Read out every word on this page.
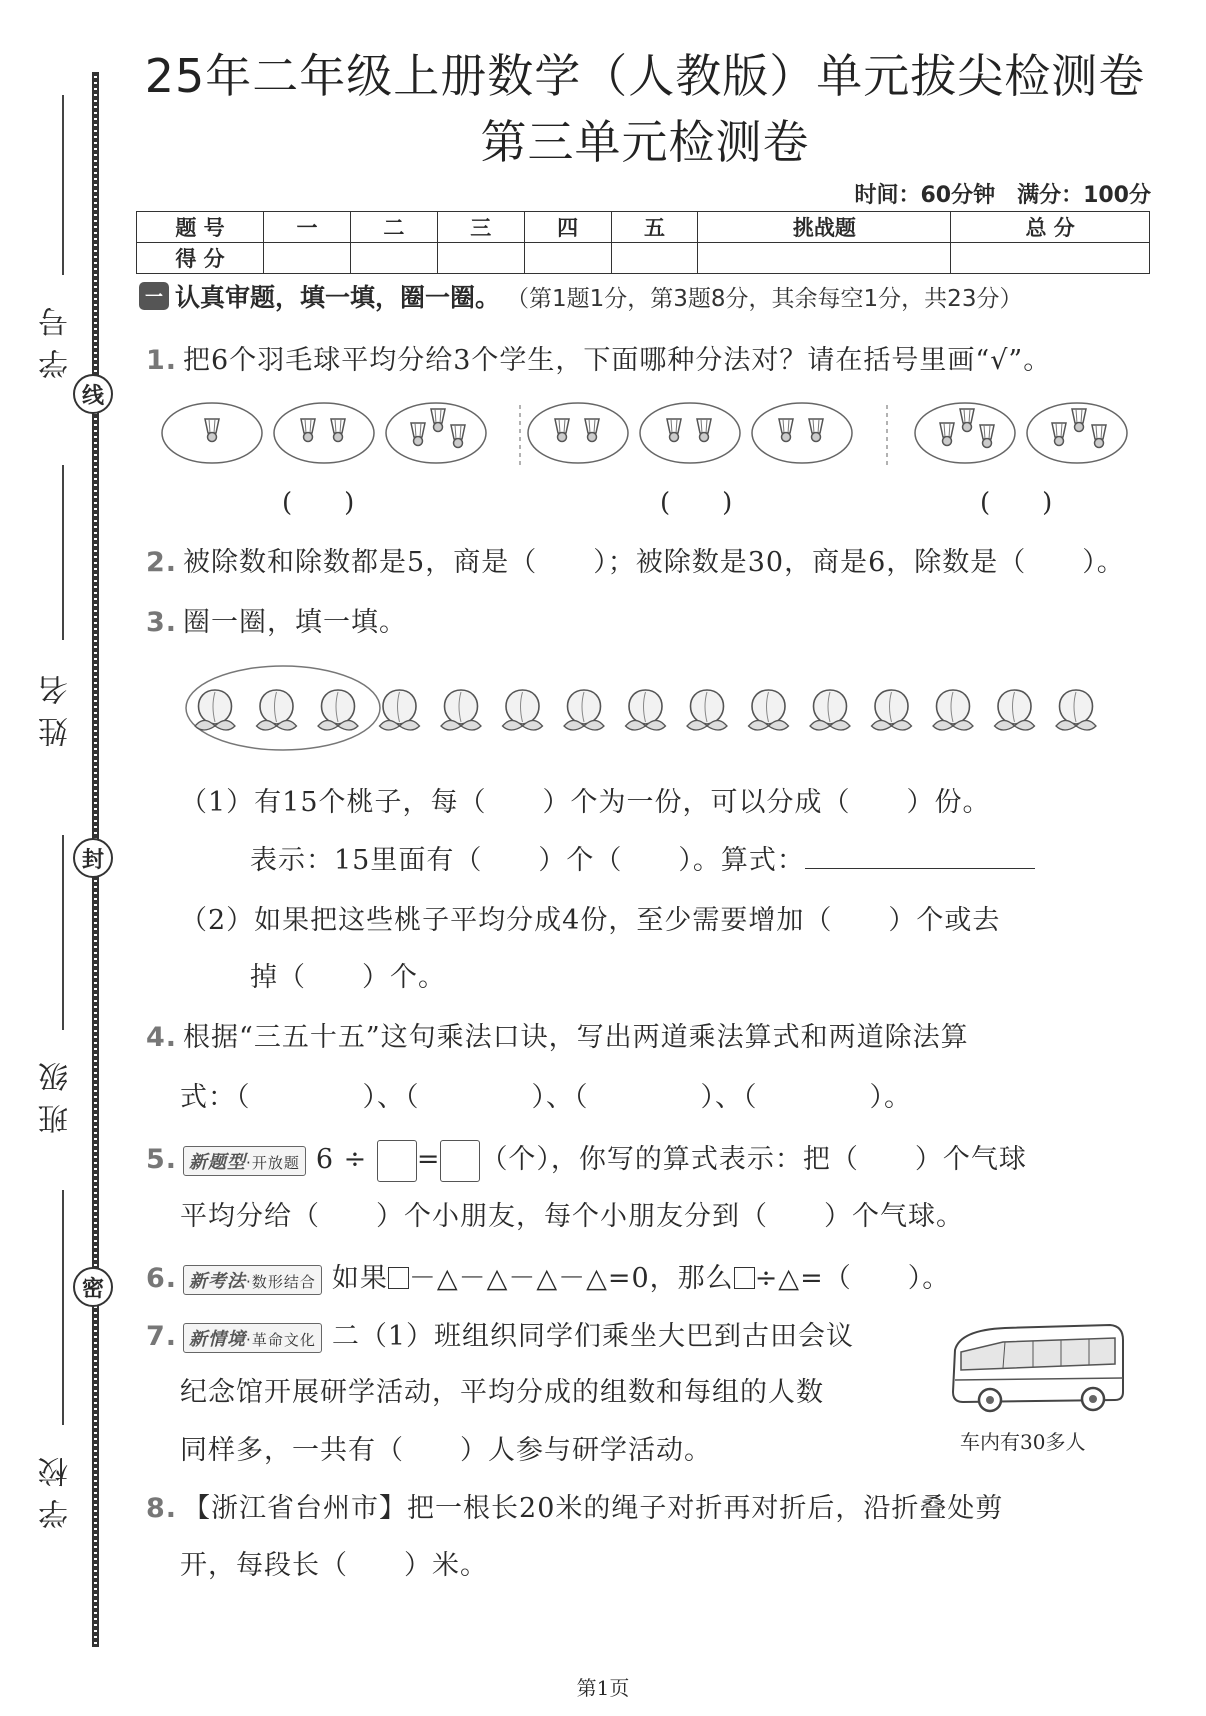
学号
线
姓名
封
班级
密
学校
25年二年级上册数学（人教版）单元拔尖检测卷
第三单元检测卷
时间：60分钟　满分：100分
题 号	一	二	三	四	五	挑战题	总 分
得 分							
一 认真审题，填一填，圈一圈。 （第1题1分，第3题8分，其余每空1分，共23分）
1. 把6个羽毛球平均分给3个学生，下面哪种分法对？请在括号里画“√”。
(　　)	(　　)	(　　)
2. 被除数和除数都是5，商是（　　）；被除数是30，商是6，除数是（　　）。
3. 圈一圈，填一填。
（1）有15个桃子，每（　　）个为一份，可以分成（　　）份。
表示：15里面有（　　）个（　　）。算式：
（2）如果把这些桃子平均分成4份，至少需要增加（　　）个或去
掉（　　）个。
4. 根据“三五十五”这句乘法口诀，写出两道乘法算式和两道除法算
式：（　　　　）、（　　　　）、（　　　　）、（　　　　）。
5. 新题型·开放题 6 ÷ = （个），你写的算式表示：把（　　）个气球
平均分给（　　）个小朋友，每个小朋友分到（　　）个气球。
6. 新考法·数形结合 如果 －△－△－△－△=0，那么 ÷△=（　　）。
7. 新情境·革命文化 二（1）班组织同学们乘坐大巴到古田会议
纪念馆开展研学活动，平均分成的组数和每组的人数
同样多，一共有（　　）人参与研学活动。	车内有30多人
8. 【浙江省台州市】把一根长20米的绳子对折再对折后，沿折叠处剪
开，每段长（　　）米。
第1页
